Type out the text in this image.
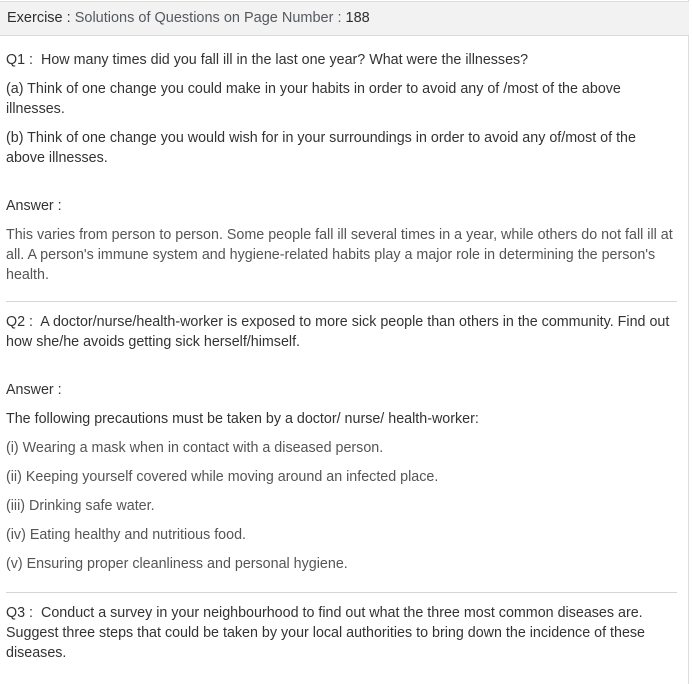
Exercise : Solutions of Questions on Page Number : 188

Q1 : How many times did you fall ill in the last one year? What were the illnesses?

(a) Think of one change you could make in your habits in order to avoid any of /most of the above illnesses.

(b) Think of one change you would wish for in your surroundings in order to avoid any of/most of the above illnesses.

Answer :

This varies from person to person. Some people fall ill several times in a year, while others do not fall ill at all. A person's immune system and hygiene-related habits play a major role in determining the person's health.

Q2 : A doctor/nurse/health-worker is exposed to more sick people than others in the community. Find out how she/he avoids getting sick herself/himself.

Answer :

The following precautions must be taken by a doctor/ nurse/ health-worker:

(i) Wearing a mask when in contact with a diseased person.

(ii) Keeping yourself covered while moving around an infected place.

(iii) Drinking safe water.

(iv) Eating healthy and nutritious food.

(v) Ensuring proper cleanliness and personal hygiene.

Q3 : Conduct a survey in your neighbourhood to find out what the three most common diseases are. Suggest three steps that could be taken by your local authorities to bring down the incidence of these diseases.
